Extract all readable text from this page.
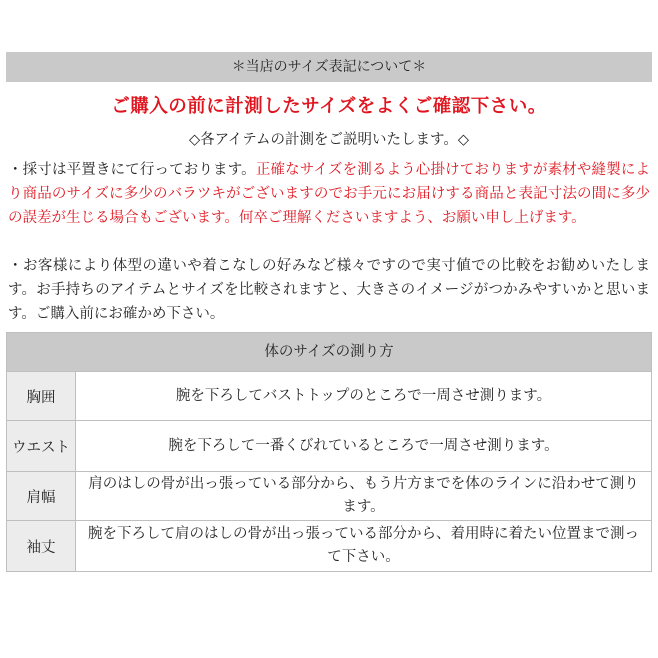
＊当店のサイズ表記について＊
ご購入の前に計測したサイズをよくご確認下さい。
◇各アイテムの計測をご説明いたします。◇
・採寸は平置きにて行っております。正確なサイズを測るよう心掛けておりますが素材や縫製により商品のサイズに多少のバラツキがございますのでお手元にお届けする商品と表記寸法の間に多少の誤差が生じる場合もございます。何卒ご理解くださいますよう、お願い申し上げます。
・お客様により体型の違いや着こなしの好みなど様々ですので実寸値での比較をお勧めいたします。お手持ちのアイテムとサイズを比較されますと、大きさのイメージがつかみやすいかと思います。ご購入前にお確かめ下さい。
体のサイズの測り方
胸囲	腕を下ろしてバストトップのところで一周させ測ります。
ウエスト	腕を下ろして一番くびれているところで一周させ測ります。
肩幅
肩のはしの骨が出っ張っている部分から、もう片方までを体のラインに沿わせて測ります。
袖丈
腕を下ろして肩のはしの骨が出っ張っている部分から、着用時に着たい位置まで測って下さい。
